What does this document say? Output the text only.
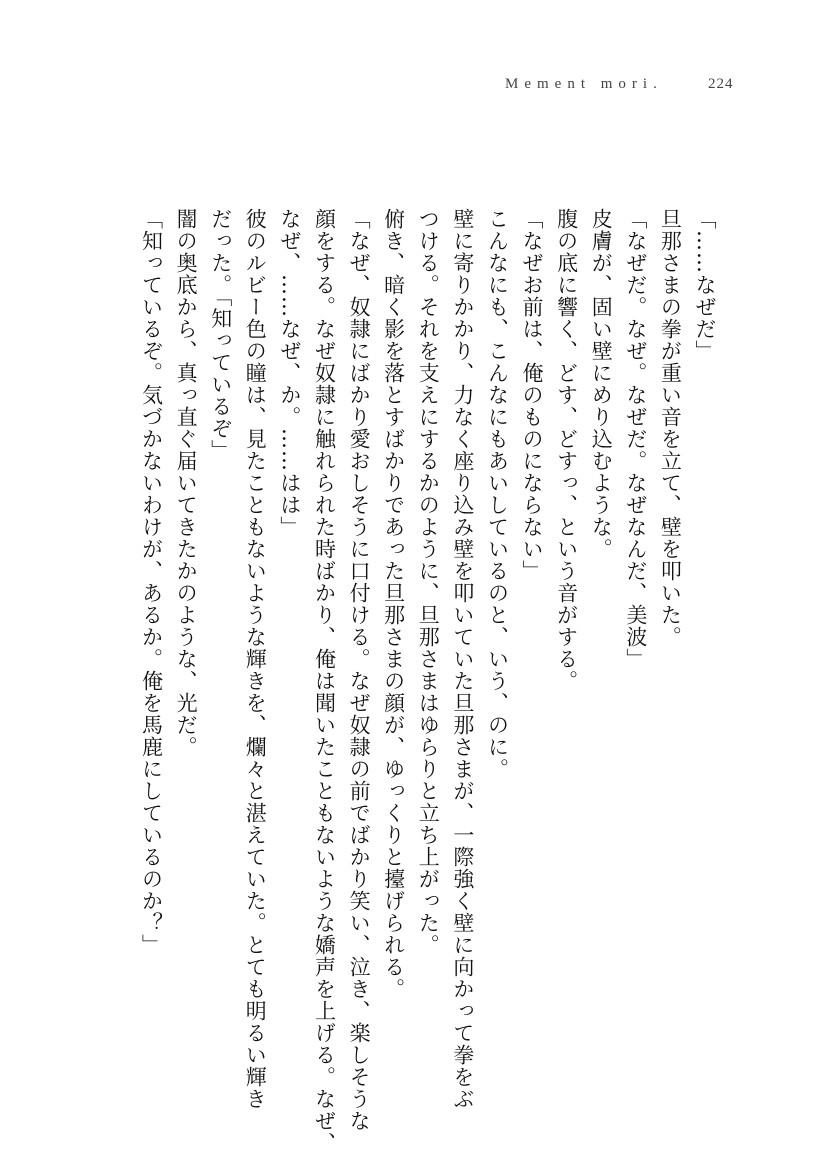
Mement mori.	224
「……なぜだ」
旦那さまの拳が重い音を立て、壁を叩いた。
「なぜだ。なぜ。なぜだ。なぜなんだ、美波」
皮膚が、固い壁にめり込むような。
腹の底に響く、どす、どすっ、という音がする。
「なぜお前は、俺のものにならない」
こんなにも、こんなにもあいしているのと、いう、のに。
壁に寄りかかり、力なく座り込み壁を叩いていた旦那さまが、一際強く壁に向かって拳をぶ
つける。それを支えにするかのように、旦那さまはゆらりと立ち上がった。
俯き、暗く影を落とすばかりであった旦那さまの顔が、ゆっくりと擡げられる。
「なぜ、奴隷にばかり愛おしそうに口付ける。なぜ奴隷の前でばかり笑い、泣き、楽しそうな
顔をする。なぜ奴隷に触れられた時ばかり、俺は聞いたこともないような嬌声を上げる。なぜ、
なぜ、……なぜ、か。……はは」
彼のルビー色の瞳は、見たこともないような輝きを、爛々と湛えていた。とても明るい輝き
だった。「知っているぞ」
闇の奥底から、真っ直ぐ届いてきたかのような、光だ。
「知っているぞ。気づかないわけが、あるか。俺を馬鹿にしているのか？」
